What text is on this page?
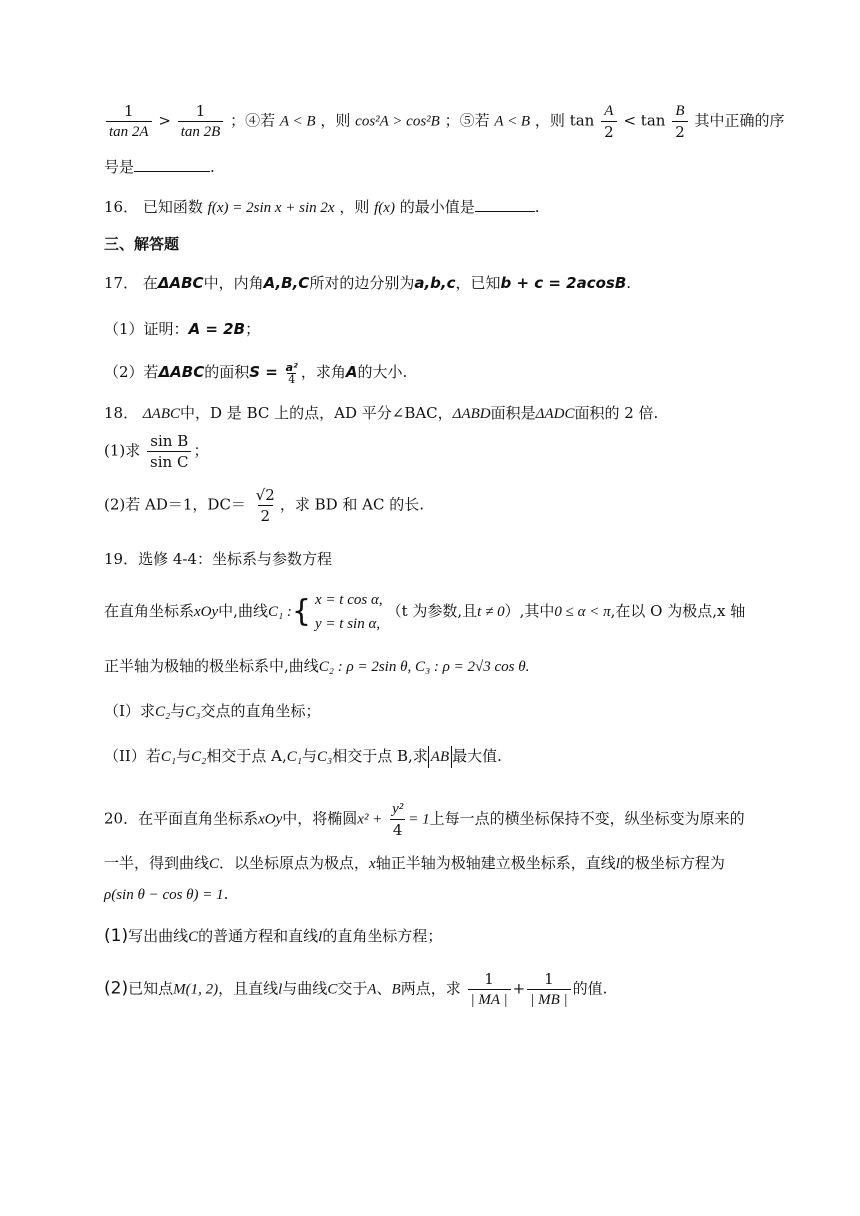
$\frac{1}{\tan 2A} > \frac{1}{\tan 2B}$ ；④若 A < B ，则 cos²A > cos²B ；⑤若 A < B ，则 $\tan \frac{A}{2} < \tan \frac{B}{2}$ 其中正确的序
号是	.
16． 已知函数 f(x) = 2sin x + sin 2x ，则 f(x) 的最小值是	.
三、解答题
17． 在ΔABC中，内角A,B,C所对的边分别为a,b,c，已知b + c = 2acosB.
（1）证明：A = 2B；
（2）若ΔABC的面积$S = \frac{\text{a²}}{4}$ ，求角A的大小.
18． ΔABC中，D 是 BC 上的点，AD 平分∠BAC，ΔABD面积是ΔADC面积的 2 倍.
(1)求 $\frac{\text{sin B}}{\text{sin C}}$ ；
(2)若 AD＝1，$DC= \frac{√2}{2}$ ，求 BD 和 AC 的长.
19．选修 4-4：坐标系与参数方程
在直角坐标系xOy中,曲线C₁ :{ x = t cos α,
y = t sin α,
（t 为参数,且t ≠ 0）,其中0 ≤ α < π,在以 O 为极点,x 轴
正半轴为极轴的极坐标系中,曲线C₂ : ρ = 2sin θ, C₃ : ρ = 2√3 cos θ.
（I）求C₂与C₃交点的直角坐标；
（II）若C₁与C₂相交于点 A,C₁与C₃相交于点 B,求 AB 最大值.
20．在平面直角坐标系xOy中，将椭圆$x^2 + \frac{\text{y²}}{4} = 1$上每一点的横坐标保持不变，纵坐标变为原来的
一半，得到曲线C．以坐标原点为极点，x轴正半轴为极轴建立极坐标系，直线l的极坐标方程为
ρ(sin θ − cos θ) = 1.
(1)写出曲线C的普通方程和直线l的直角坐标方程；
(2)已知点M(1, 2)，且直线l与曲线C交于A、B两点，求 $\frac{1}{| MA |} + \frac{1}{| MB |}$ 的值.
